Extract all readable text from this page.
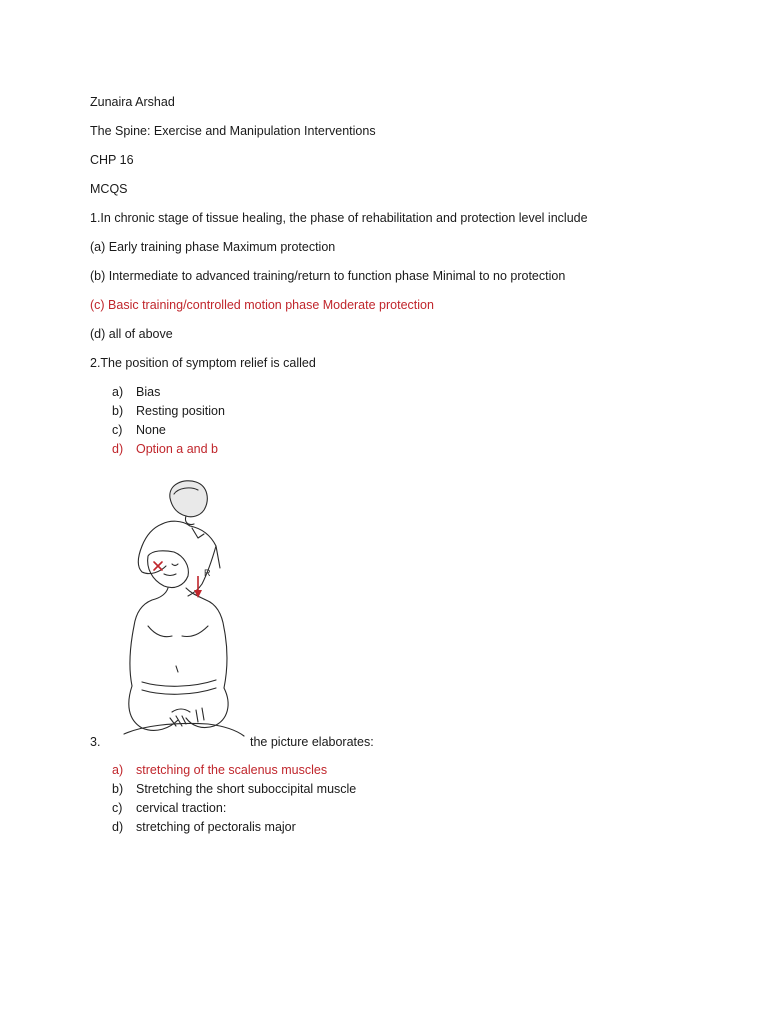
Zunaira Arshad
The Spine: Exercise and Manipulation Interventions
CHP 16
MCQS
1.In chronic stage of tissue healing, the phase of rehabilitation and protection level include
(a) Early training phase Maximum protection
(b) Intermediate to advanced training/return to function phase Minimal to no protection
(c) Basic training/controlled motion phase Moderate protection
(d) all of above
2.The position of symptom relief is called
a) Bias
b) Resting position
c) None
d) Option a and b
R
3.	the picture elaborates:
a) stretching of the scalenus muscles
b) Stretching the short suboccipital muscle
c) cervical traction:
d) stretching of pectoralis major
